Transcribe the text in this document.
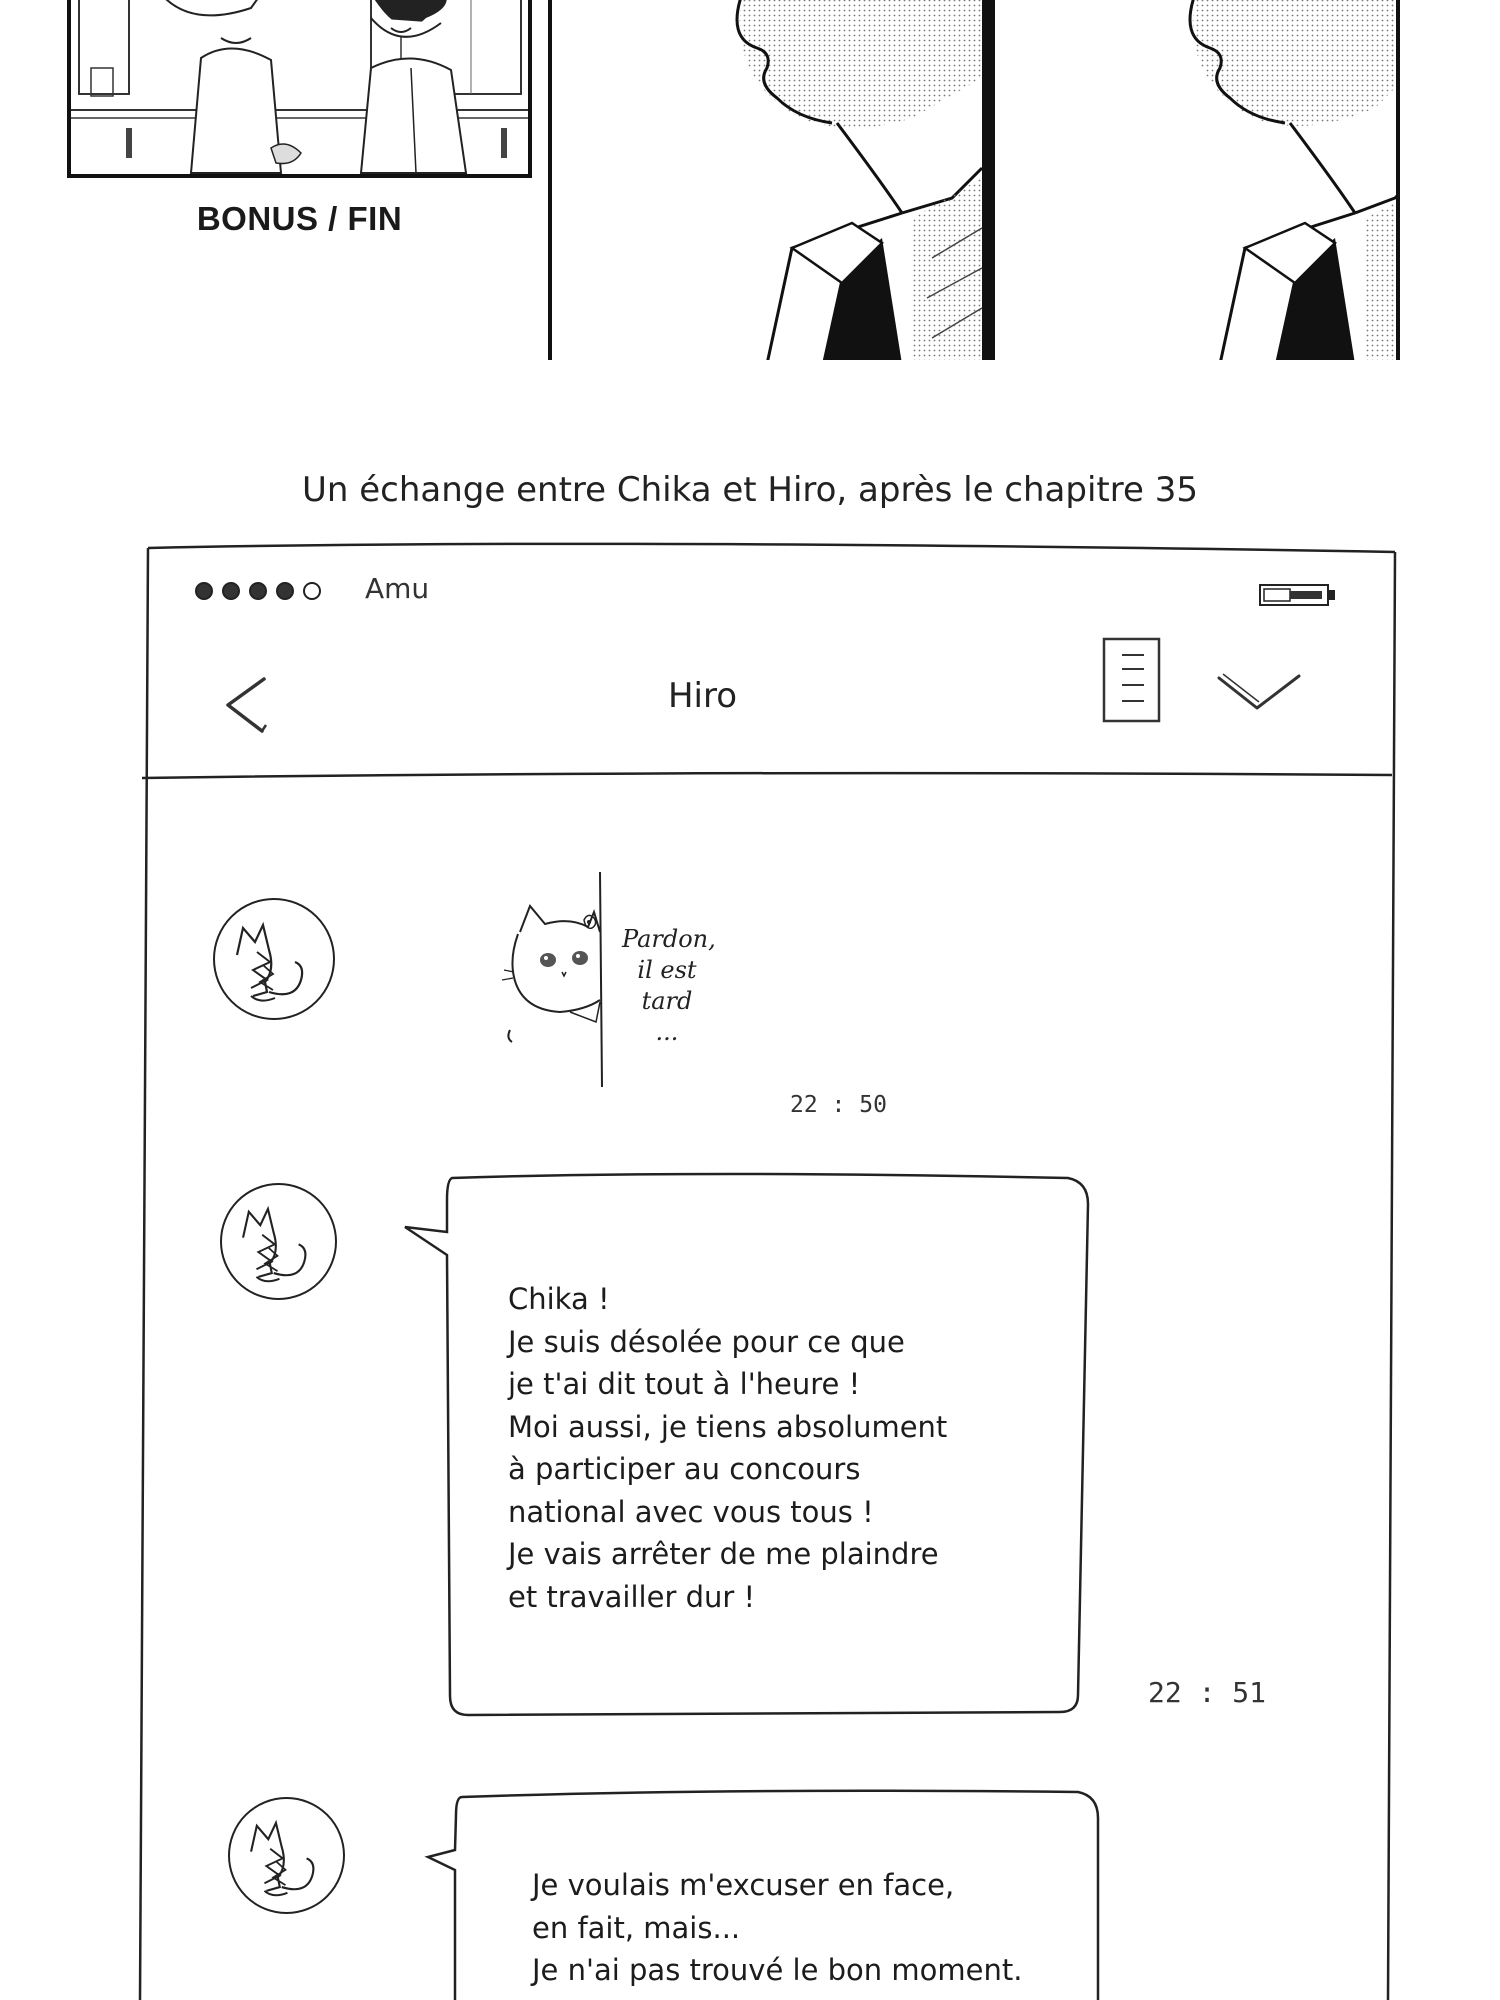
BONUS / FIN
Un échange entre Chika et Hiro, après le chapitre 35
Amu
Hiro
Pardon,
il est
tard
...
22 : 50
Chika !
Je suis désolée pour ce que
je t'ai dit tout à l'heure !
Moi aussi, je tiens absolument
à participer au concours
national avec vous tous !
Je vais arrêter de me plaindre
et travailler dur !
22 : 51
Je voulais m'excuser en face,
en fait, mais...
Je n'ai pas trouvé le bon moment.
